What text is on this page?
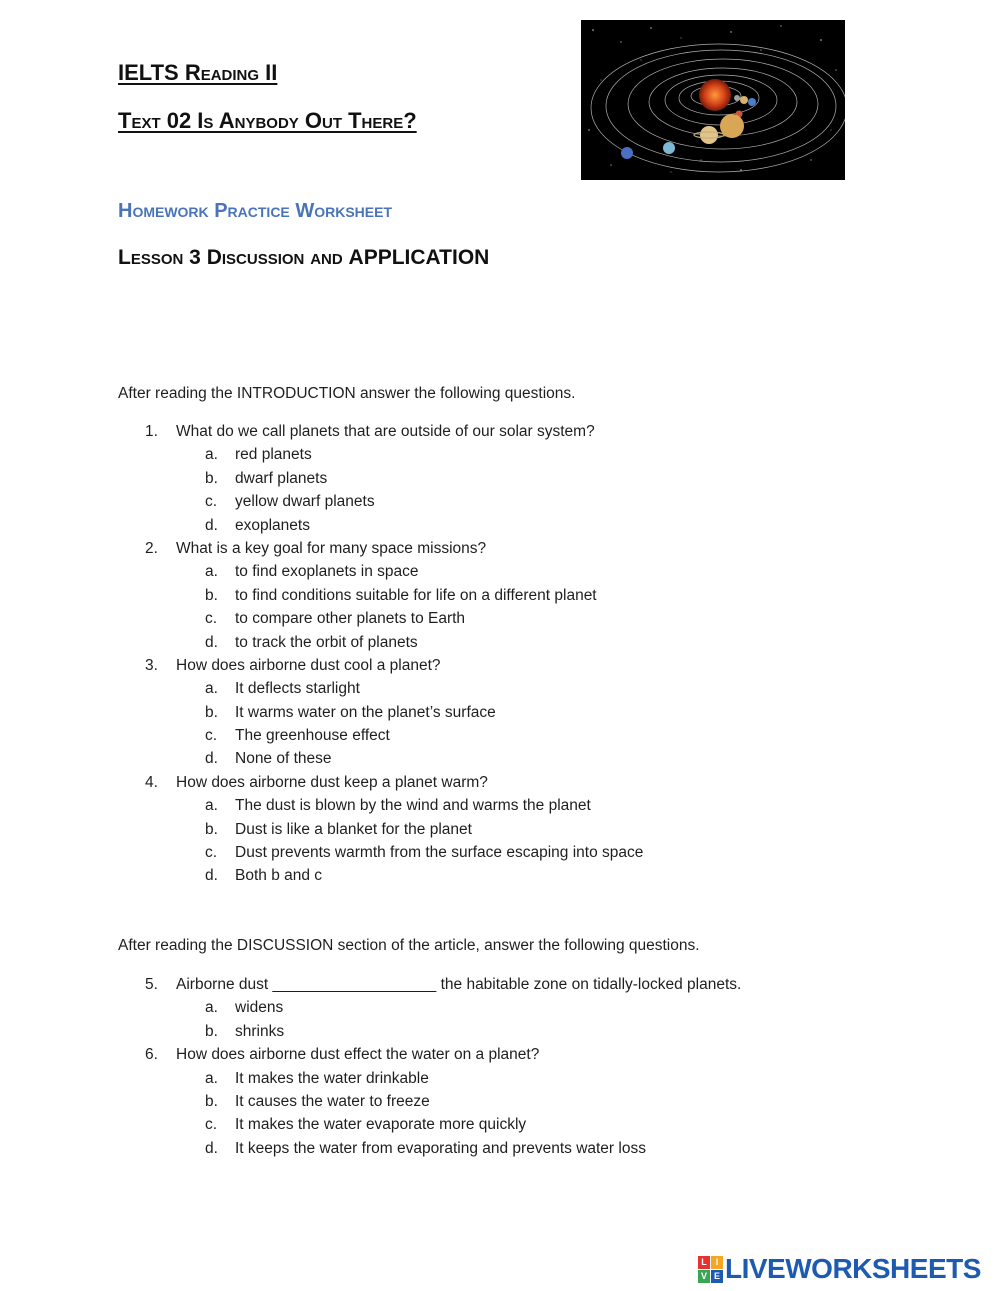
IELTS Reading II
Text 02 Is Anybody Out There?
Homework Practice Worksheet
Lesson 3 Discussion and APPLICATION

After reading the INTRODUCTION answer the following questions.

1.	What do we call planets that are outside of our solar system?
a. red planets
b. dwarf planets
c. yellow dwarf planets
d. exoplanets
2.	What is a key goal for many space missions?
a. to find exoplanets in space
b. to find conditions suitable for life on a different planet
c. to compare other planets to Earth
d. to track the orbit of planets
3.	How does airborne dust cool a planet?
a. It deflects starlight
b. It warms water on the planet’s surface
c. The greenhouse effect
d. None of these
4.	How does airborne dust keep a planet warm?
a. The dust is blown by the wind and warms the planet
b. Dust is like a blanket for the planet
c. Dust prevents warmth from the surface escaping into space
d. Both b and c

After reading the DISCUSSION section of the article, answer the following questions.

5.	Airborne dust ___________________ the habitable zone on tidally-locked planets.
a. widens
b. shrinks
6.	How does airborne dust effect the water on a planet?
a. It makes the water drinkable
b. It causes the water to freeze
c. It makes the water evaporate more quickly
d. It keeps the water from evaporating and prevents water loss
L I
V E LIVEWORKSHEETS
